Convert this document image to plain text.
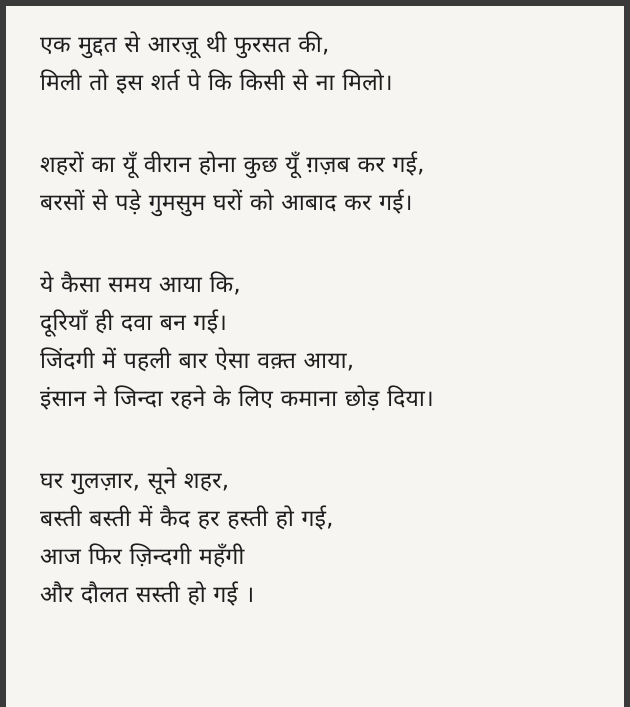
एक मुद्दत से आरज़ू थी फुरसत की,
मिली तो इस शर्त पे कि किसी से ना मिलो।
शहरों का यूँ वीरान होना कुछ यूँ ग़ज़ब कर गई,
बरसों से पड़े गुमसुम घरों को आबाद कर गई।
ये कैसा समय आया कि,
दूरियाँ ही दवा बन गई।
जिंदगी में पहली बार ऐसा वक़्त आया,
इंसान ने जिन्दा रहने के लिए कमाना छोड़ दिया।
घर गुलज़ार, सूने शहर,
बस्ती बस्ती में कैद हर हस्ती हो गई,
आज फिर ज़िन्दगी महँगी
और दौलत सस्ती हो गई ।
